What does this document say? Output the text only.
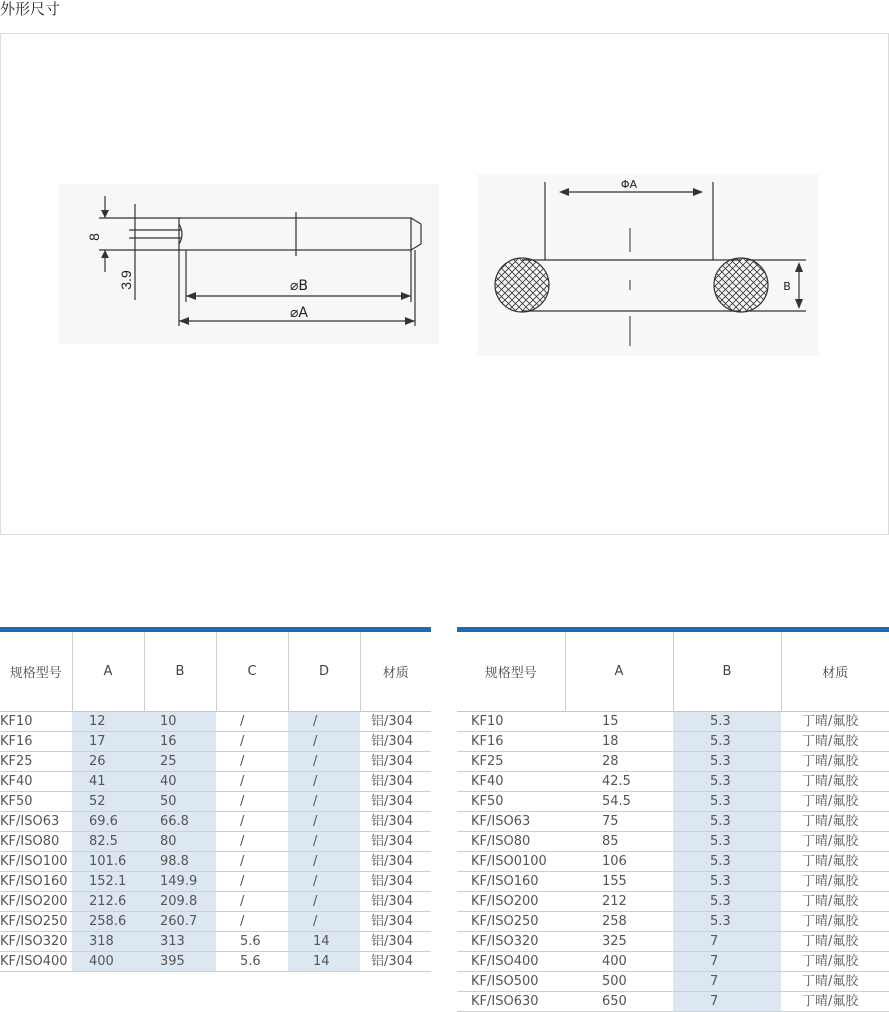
外形尺寸
8
3.9	⌀B
⌀A
ΦA
B
规格型号	A	B	C	D	材质
KF10	12	10	/	/	铝/304
KF16	17	16	/	/	铝/304
KF25	26	25	/	/	铝/304
KF40	41	40	/	/	铝/304
KF50	52	50	/	/	铝/304
KF/ISO63	69.6	66.8	/	/	铝/304
KF/ISO80	82.5	80	/	/	铝/304
KF/ISO100	101.6	98.8	/	/	铝/304
KF/ISO160	152.1	149.9	/	/	铝/304
KF/ISO200	212.6	209.8	/	/	铝/304
KF/ISO250	258.6	260.7	/	/	铝/304
KF/ISO320	318	313	5.6	14	铝/304
KF/ISO400	400	395	5.6	14	铝/304
规格型号	A	B	材质
KF10	15	5.3	丁晴/氟胶
KF16	18	5.3	丁晴/氟胶
KF25	28	5.3	丁晴/氟胶
KF40	42.5	5.3	丁晴/氟胶
KF50	54.5	5.3	丁晴/氟胶
KF/ISO63	75	5.3	丁晴/氟胶
KF/ISO80	85	5.3	丁晴/氟胶
KF/ISO0100	106	5.3	丁晴/氟胶
KF/ISO160	155	5.3	丁晴/氟胶
KF/ISO200	212	5.3	丁晴/氟胶
KF/ISO250	258	5.3	丁晴/氟胶
KF/ISO320	325	7	丁晴/氟胶
KF/ISO400	400	7	丁晴/氟胶
KF/ISO500	500	7	丁晴/氟胶
KF/ISO630	650	7	丁晴/氟胶
